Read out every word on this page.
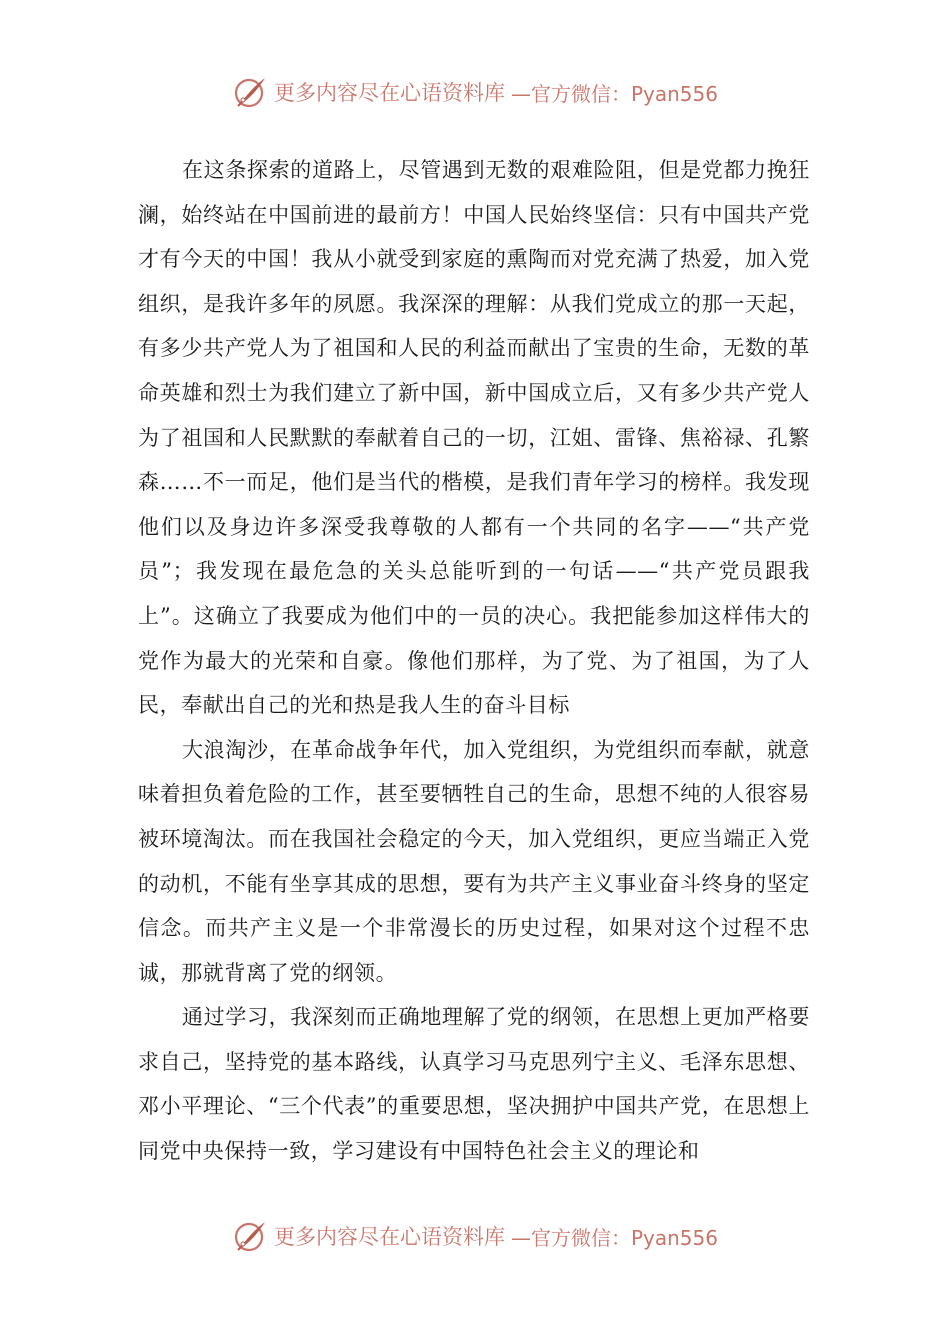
更多内容尽在心语资料库 —官方微信：Pyan556

在这条探索的道路上，尽管遇到无数的艰难险阻，但是党都力挽狂澜，始终站在中国前进的最前方！中国人民始终坚信：只有中国共产党才有今天的中国！我从小就受到家庭的熏陶而对党充满了热爱，加入党组织，是我许多年的夙愿。我深深的理解：从我们党成立的那一天起，有多少共产党人为了祖国和人民的利益而献出了宝贵的生命，无数的革命英雄和烈士为我们建立了新中国，新中国成立后，又有多少共产党人为了祖国和人民默默的奉献着自己的一切，江姐、雷锋、焦裕禄、孔繁森……不一而足，他们是当代的楷模，是我们青年学习的榜样。我发现他们以及身边许多深受我尊敬的人都有一个共同的名字——“共产党员”；我发现在最危急的关头总能听到的一句话——“共产党员跟我上”。这确立了我要成为他们中的一员的决心。我把能参加这样伟大的党作为最大的光荣和自豪。像他们那样，为了党、为了祖国，为了人民，奉献出自己的光和热是我人生的奋斗目标

大浪淘沙，在革命战争年代，加入党组织，为党组织而奉献，就意味着担负着危险的工作，甚至要牺牲自己的生命，思想不纯的人很容易被环境淘汰。而在我国社会稳定的今天，加入党组织，更应当端正入党的动机，不能有坐享其成的思想，要有为共产主义事业奋斗终身的坚定信念。而共产主义是一个非常漫长的历史过程，如果对这个过程不忠诚，那就背离了党的纲领。

通过学习，我深刻而正确地理解了党的纲领，在思想上更加严格要求自己，坚持党的基本路线，认真学习马克思列宁主义、毛泽东思想、邓小平理论、“三个代表”的重要思想，坚决拥护中国共产党，在思想上同党中央保持一致，学习建设有中国特色社会主义的理论和

更多内容尽在心语资料库 —官方微信：Pyan556
